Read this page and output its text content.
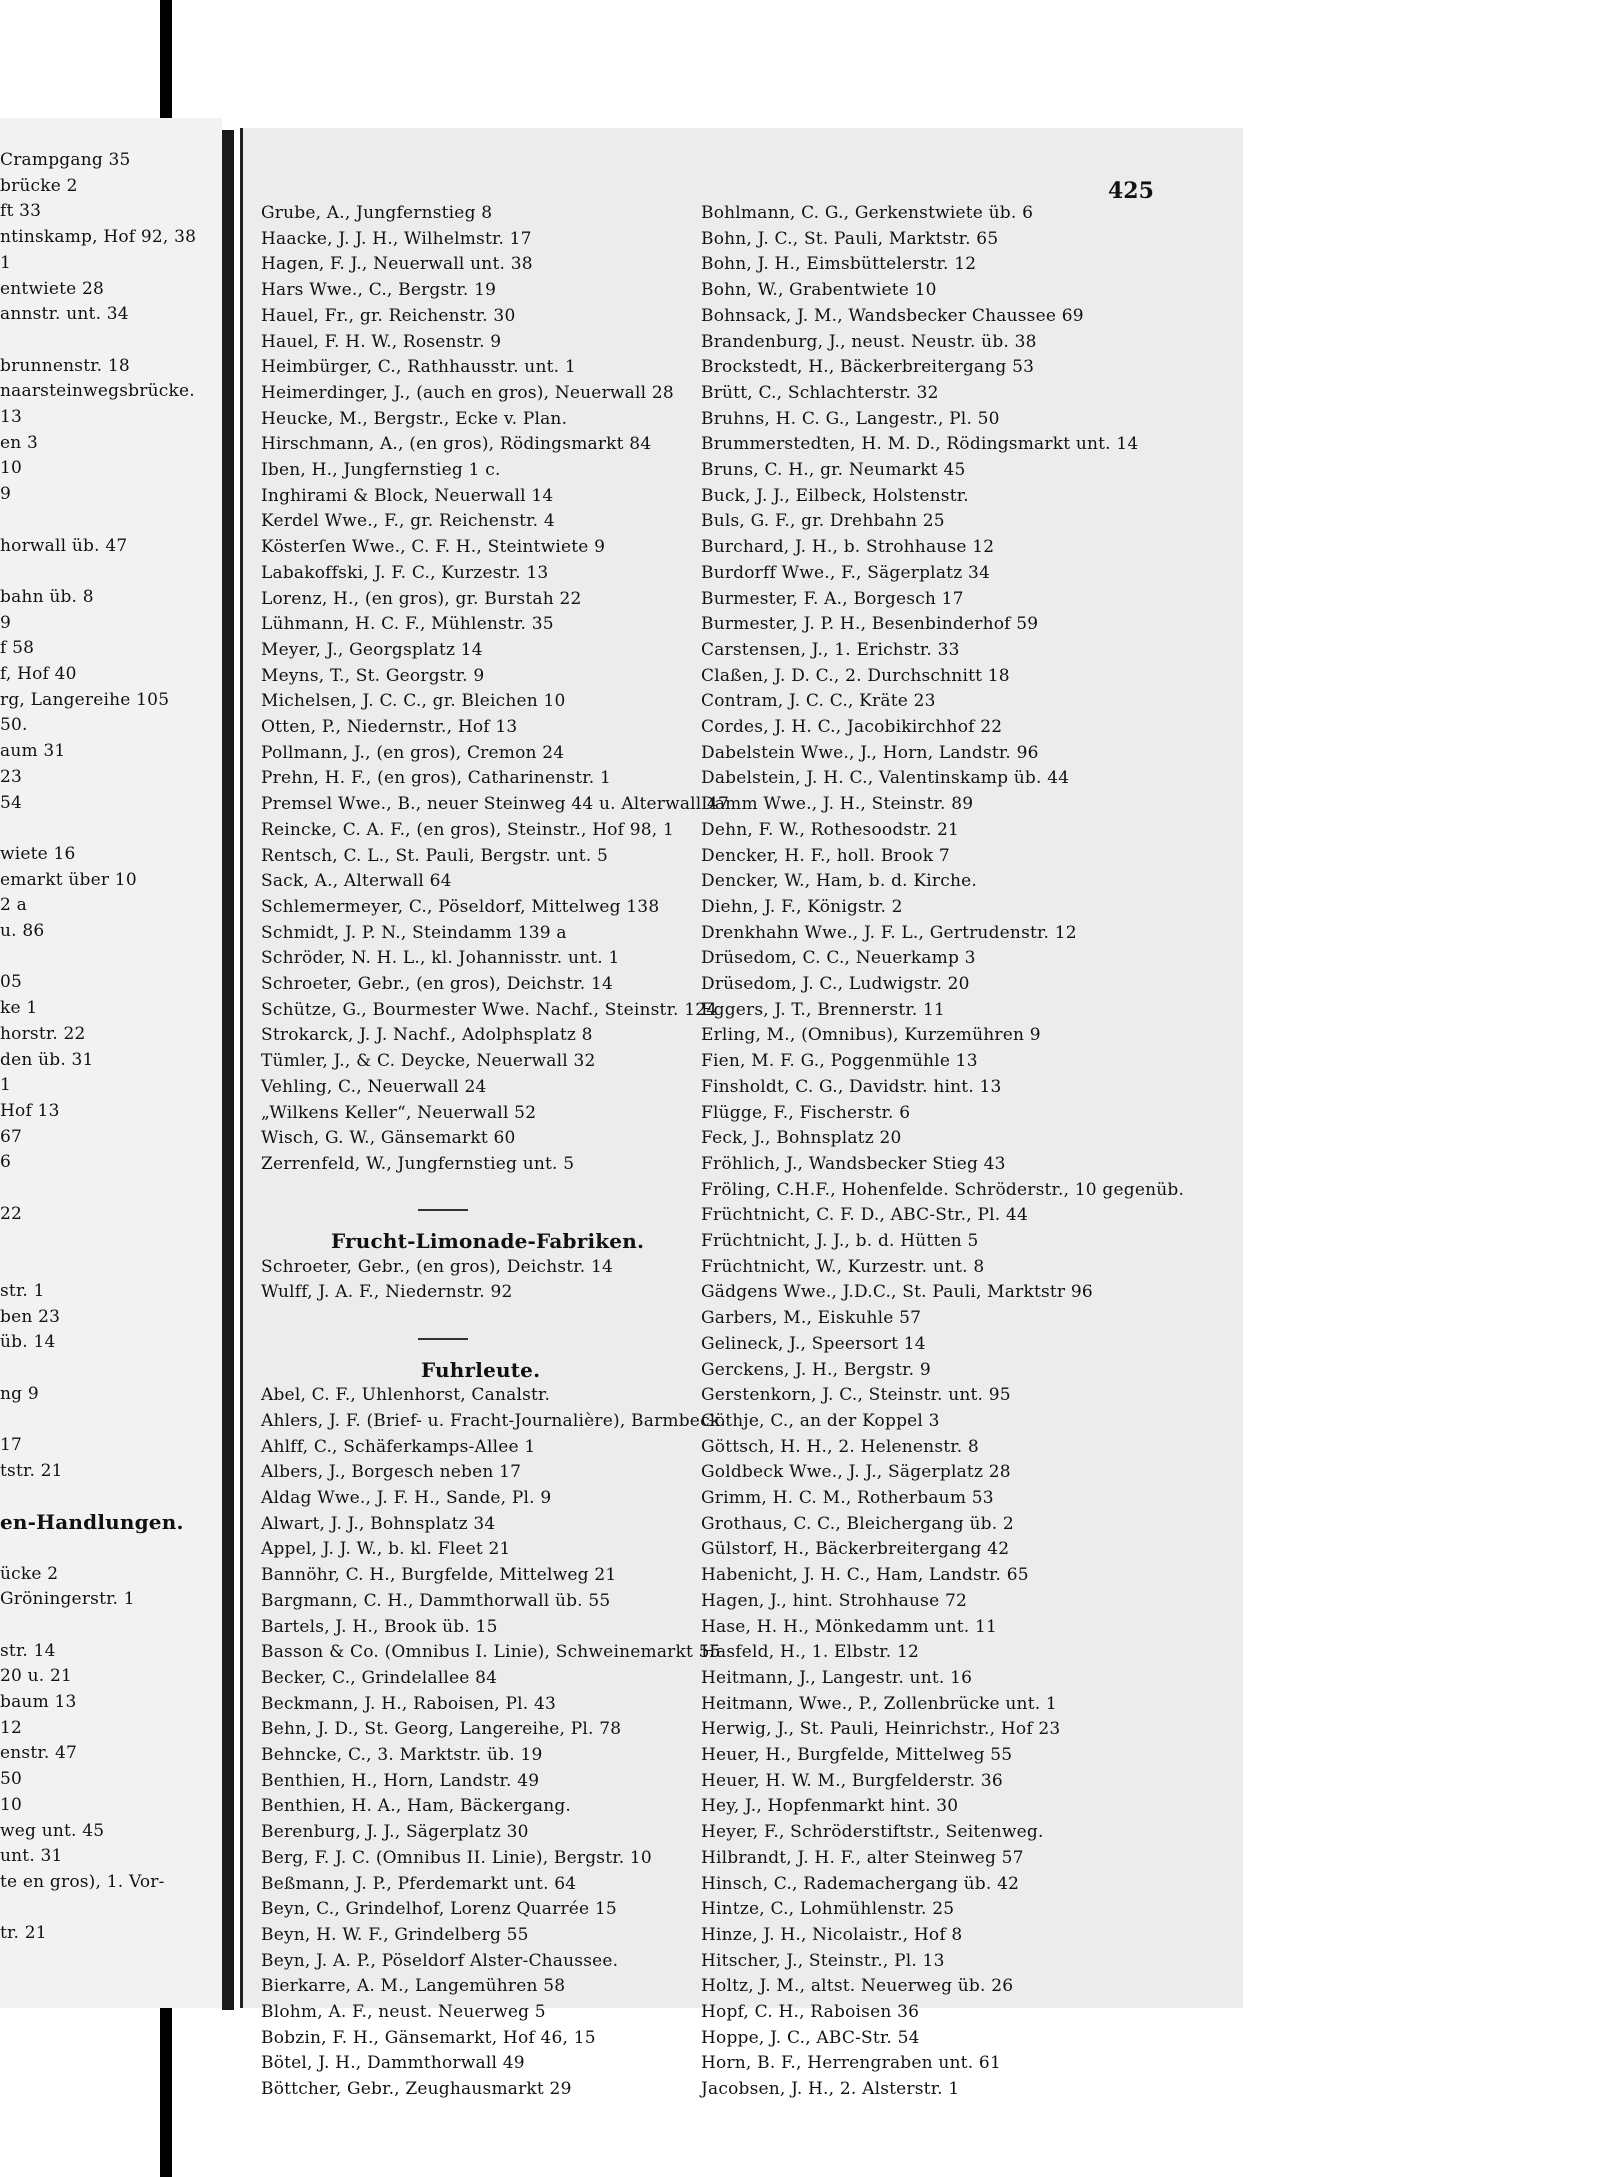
Crampgang 35
brücke 2
ft 33
ntinskamp, Hof 92, 38
1
entwiete 28
annstr. unt. 34
brunnenstr. 18
naarsteinwegsbrücke.
13
en 3
10
9
horwall üb. 47
bahn üb. 8
9
f 58
f, Hof 40
rg, Langereihe 105
50.
aum 31
23
54
wiete 16
emarkt über 10
2 a
u. 86
05
ke 1
horstr. 22
den üb. 31
1
Hof 13
67
6
22
str. 1
ben 23
üb. 14
ng 9
17
tstr. 21
en-Handlungen.
ücke 2
Gröningerstr. 1
str. 14
20 u. 21
baum 13
12
enstr. 47
50
10
weg unt. 45
unt. 31
te en gros), 1. Vor-
tr. 21
Grube, A., Jungfernstieg 8
Haacke, J. J. H., Wilhelmstr. 17
Hagen, F. J., Neuerwall unt. 38
Hars Wwe., C., Bergstr. 19
Hauel, Fr., gr. Reichenstr. 30
Hauel, F. H. W., Rosenstr. 9
Heimbürger, C., Rathhausstr. unt. 1
Heimerdinger, J., (auch en gros), Neuerwall 28
Heucke, M., Bergstr., Ecke v. Plan.
Hirschmann, A., (en gros), Rödingsmarkt 84
Iben, H., Jungfernstieg 1 c.
Inghirami & Block, Neuerwall 14
Kerdel Wwe., F., gr. Reichenstr. 4
Kösterſen Wwe., C. F. H., Steintwiete 9
Labakoffski, J. F. C., Kurzestr. 13
Lorenz, H., (en gros), gr. Burstah 22
Lühmann, H. C. F., Mühlenstr. 35
Meyer, J., Georgsplatz 14
Meyns, T., St. Georgstr. 9
Michelsen, J. C. C., gr. Bleichen 10
Otten, P., Niedernstr., Hof 13
Pollmann, J., (en gros), Cremon 24
Prehn, H. F., (en gros), Catharinenstr. 1
Premsel Wwe., B., neuer Steinweg 44 u. Alterwall 47
Reincke, C. A. F., (en gros), Steinstr., Hof 98, 1
Rentsch, C. L., St. Pauli, Bergstr. unt. 5
Sack, A., Alterwall 64
Schlemermeyer, C., Pöseldorf, Mittelweg 138
Schmidt, J. P. N., Steindamm 139 a
Schröder, N. H. L., kl. Johannisstr. unt. 1
Schroeter, Gebr., (en gros), Deichstr. 14
Schütze, G., Bourmester Wwe. Nachf., Steinstr. 124
Strokarck, J. J. Nachf., Adolphsplatz 8
Tümler, J., & C. Deycke, Neuerwall 32
Vehling, C., Neuerwall 24
„Wilkens Keller“, Neuerwall 52
Wisch, G. W., Gänsemarkt 60
Zerrenfeld, W., Jungfernstieg unt. 5
Frucht-Limonade-Fabriken.
Schroeter, Gebr., (en gros), Deichstr. 14
Wulff, J. A. F., Niedernstr. 92
Fuhrleute.
Abel, C. F., Uhlenhorst, Canalstr.
Ahlers, J. F. (Brief- u. Fracht-Journalière), Barmbeck.
Ahlff, C., Schäferkamps-Allee 1
Albers, J., Borgesch neben 17
Aldag Wwe., J. F. H., Sande, Pl. 9
Alwart, J. J., Bohnsplatz 34
Appel, J. J. W., b. kl. Fleet 21
Bannöhr, C. H., Burgfelde, Mittelweg 21
Bargmann, C. H., Dammthorwall üb. 55
Bartels, J. H., Brook üb. 15
Basson & Co. (Omnibus I. Linie), Schweinemarkt 55
Becker, C., Grindelallee 84
Beckmann, J. H., Raboisen, Pl. 43
Behn, J. D., St. Georg, Langereihe, Pl. 78
Behncke, C., 3. Marktstr. üb. 19
Benthien, H., Horn, Landstr. 49
Benthien, H. A., Ham, Bäckergang.
Berenburg, J. J., Sägerplatz 30
Berg, F. J. C. (Omnibus II. Linie), Bergstr. 10
Beßmann, J. P., Pferdemarkt unt. 64
Beyn, C., Grindelhof, Lorenz Quarrée 15
Beyn, H. W. F., Grindelberg 55
Beyn, J. A. P., Pöseldorf Alster-Chaussee.
Bierkarre, A. M., Langemühren 58
Blohm, A. F., neust. Neuerweg 5
Bobzin, F. H., Gänsemarkt, Hof 46, 15
Bötel, J. H., Dammthorwall 49
Böttcher, Gebr., Zeughausmarkt 29
Bohlmann, C. G., Gerkenstwiete üb. 6
Bohn, J. C., St. Pauli, Marktstr. 65
Bohn, J. H., Eimsbüttelerstr. 12
Bohn, W., Grabentwiete 10
Bohnsack, J. M., Wandsbecker Chaussee 69
Brandenburg, J., neust. Neustr. üb. 38
Brockstedt, H., Bäckerbreitergang 53
Brütt, C., Schlachterstr. 32
Bruhns, H. C. G., Langestr., Pl. 50
Brummerstedten, H. M. D., Rödingsmarkt unt. 14
Bruns, C. H., gr. Neumarkt 45
Buck, J. J., Eilbeck, Holstenstr.
Buls, G. F., gr. Drehbahn 25
Burchard, J. H., b. Strohhause 12
Burdorff Wwe., F., Sägerplatz 34
Burmester, F. A., Borgesch 17
Burmester, J. P. H., Besenbinderhof 59
Carstensen, J., 1. Erichstr. 33
Claßen, J. D. C., 2. Durchschnitt 18
Contram, J. C. C., Kräte 23
Cordes, J. H. C., Jacobikirchhof 22
Dabelstein Wwe., J., Horn, Landstr. 96
Dabelstein, J. H. C., Valentinskamp üb. 44
Damm Wwe., J. H., Steinstr. 89
Dehn, F. W., Rothesoodstr. 21
Dencker, H. F., holl. Brook 7
Dencker, W., Ham, b. d. Kirche.
Diehn, J. F., Königstr. 2
Drenkhahn Wwe., J. F. L., Gertrudenstr. 12
Drüsedom, C. C., Neuerkamp 3
Drüsedom, J. C., Ludwigstr. 20
Eggers, J. T., Brennerstr. 11
Erling, M., (Omnibus), Kurzemühren 9
Fien, M. F. G., Poggenmühle 13
Finsholdt, C. G., Davidstr. hint. 13
Flügge, F., Fischerstr. 6
Feck, J., Bohnsplatz 20
Fröhlich, J., Wandsbecker Stieg 43
Fröling, C.H.F., Hohenfelde. Schröderstr., 10 gegenüb.
Früchtnicht, C. F. D., ABC-Str., Pl. 44
Früchtnicht, J. J., b. d. Hütten 5
Früchtnicht, W., Kurzestr. unt. 8
Gädgens Wwe., J.D.C., St. Pauli, Marktstr 96
Garbers, M., Eiskuhle 57
Gelineck, J., Speersort 14
Gerckens, J. H., Bergstr. 9
Gerstenkorn, J. C., Steinstr. unt. 95
Göthje, C., an der Koppel 3
Göttsch, H. H., 2. Helenenstr. 8
Goldbeck Wwe., J. J., Sägerplatz 28
Grimm, H. C. M., Rotherbaum 53
Grothaus, C. C., Bleichergang üb. 2
Gülstorf, H., Bäckerbreitergang 42
Habenicht, J. H. C., Ham, Landstr. 65
Hagen, J., hint. Strohhause 72
Hase, H. H., Mönkedamm unt. 11
Hasfeld, H., 1. Elbstr. 12
Heitmann, J., Langestr. unt. 16
Heitmann, Wwe., P., Zollenbrücke unt. 1
Herwig, J., St. Pauli, Heinrichstr., Hof 23
Heuer, H., Burgfelde, Mittelweg 55
Heuer, H. W. M., Burgfelderstr. 36
Hey, J., Hopfenmarkt hint. 30
Heyer, F., Schröderstiftstr., Seitenweg.
Hilbrandt, J. H. F., alter Steinweg 57
Hinsch, C., Rademachergang üb. 42
Hintze, C., Lohmühlenstr. 25
Hinze, J. H., Nicolaistr., Hof 8
Hitscher, J., Steinstr., Pl. 13
Holtz, J. M., altst. Neuerweg üb. 26
Hopf, C. H., Raboisen 36
Hoppe, J. C., ABC-Str. 54
Horn, B. F., Herrengraben unt. 61
Jacobsen, J. H., 2. Alsterstr. 1
425
